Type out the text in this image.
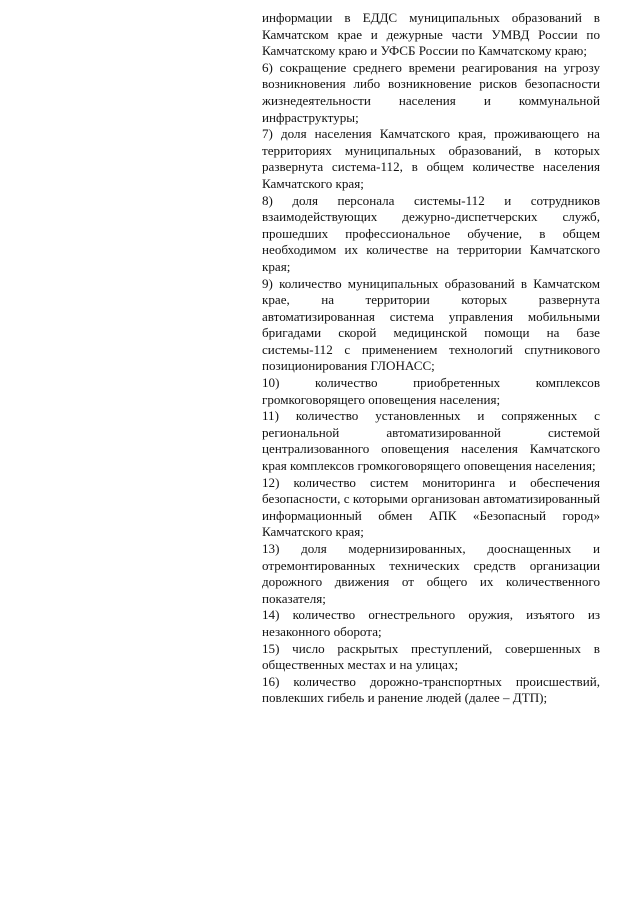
информации в ЕДДС муниципальных образований в Камчатском крае и дежурные части УМВД России по Камчатскому краю и УФСБ России по Камчатскому краю;

6) сокращение среднего времени реагирования на угрозу возникновения либо возникновение рисков безопасности жизнедеятельности населения и коммунальной инфраструктуры;

7) доля населения Камчатского края, проживающего на территориях муниципальных образований, в которых развернута система-112, в общем количестве населения Камчатского края;

8) доля персонала системы-112 и сотрудников взаимодействующих дежурно-диспетчерских служб, прошедших профессиональное обучение, в общем необходимом их количестве на территории Камчатского края;

9) количество муниципальных образований в Камчатском крае, на территории которых развернута автоматизированная система управления мобильными бригадами скорой медицинской помощи на базе системы-112 с применением технологий спутникового позиционирования ГЛОНАСС;

10) количество приобретенных комплексов громкоговорящего оповещения населения;

11) количество установленных и сопряженных с региональной автоматизированной системой централизованного оповещения населения Камчатского края комплексов громкоговорящего оповещения населения;

12) количество систем мониторинга и обеспечения безопасности, с которыми организован автоматизированный информационный обмен АПК «Безопасный город» Камчатского края;

13) доля модернизированных, дооснащенных и отремонтированных технических средств организации дорожного движения от общего их количественного показателя;

14) количество огнестрельного оружия, изъятого из незаконного оборота;

15) число раскрытых преступлений, совершенных в общественных местах и на улицах;

16) количество дорожно-транспортных происшествий, повлекших гибель и ранение людей (далее – ДТП);
